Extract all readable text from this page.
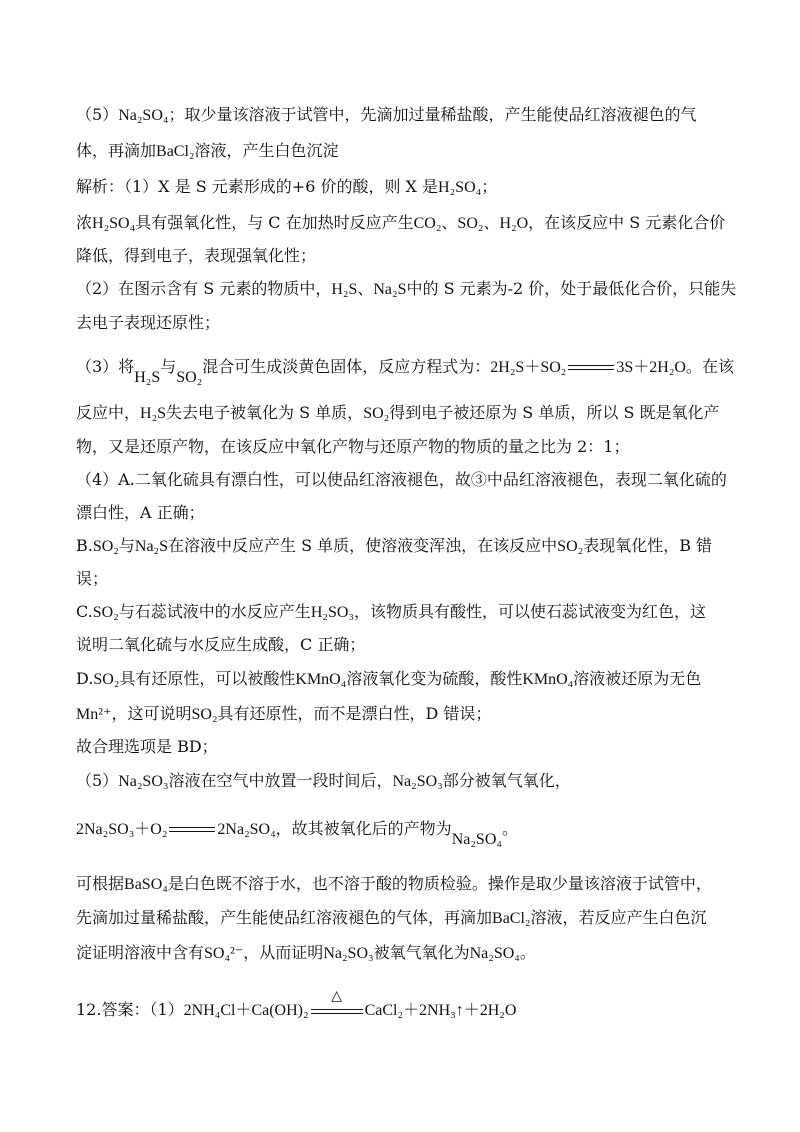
（5）Na₂SO₄；取少量该溶液于试管中，先滴加过量稀盐酸，产生能使品红溶液褪色的气
体，再滴加BaCl₂溶液，产生白色沉淀
解析：（1）X 是 S 元素形成的+6 价的酸，则 X 是H₂SO₄；
浓H₂SO₄具有强氧化性，与 C 在加热时反应产生CO₂、SO₂、H₂O，在该反应中 S 元素化合价
降低，得到电子，表现强氧化性；
（2）在图示含有 S 元素的物质中，H₂S、Na₂S中的 S 元素为-2 价，处于最低化合价，只能失
去电子表现还原性；
（3）将H₂S与SO₂混合可生成淡黄色固体，反应方程式为：2H₂S＋SO₂	3S＋2H₂O。在该
反应中，H₂S失去电子被氧化为 S 单质，SO₂得到电子被还原为 S 单质，所以 S 既是氧化产
物，又是还原产物，在该反应中氧化产物与还原产物的物质的量之比为 2：1；
（4）A.二氧化硫具有漂白性，可以使品红溶液褪色，故③中品红溶液褪色，表现二氧化硫的
漂白性，A 正确；
B.SO₂与Na₂S在溶液中反应产生 S 单质，使溶液变浑浊，在该反应中SO₂表现氧化性，B 错
误；
C.SO₂与石蕊试液中的水反应产生H₂SO₃，该物质具有酸性，可以使石蕊试液变为红色，这
说明二氧化硫与水反应生成酸，C 正确；
D.SO₂具有还原性，可以被酸性KMnO₄溶液氧化变为硫酸，酸性KMnO₄溶液被还原为无色
Mn²⁺，这可说明SO₂具有还原性，而不是漂白性，D 错误；
故合理选项是 BD；
（5）Na₂SO₃溶液在空气中放置一段时间后，Na₂SO₃部分被氧气氧化，
2Na₂SO₃＋O₂	2Na₂SO₄，故其被氧化后的产物为Na₂SO₄。
可根据BaSO₄是白色既不溶于水，也不溶于酸的物质检验。操作是取少量该溶液于试管中，
先滴加过量稀盐酸，产生能使品红溶液褪色的气体，再滴加BaCl₂溶液，若反应产生白色沉
淀证明溶液中含有SO₄²⁻，从而证明Na₂SO₃被氧气氧化为Na₂SO₄。
12.答案：（1）2NH₄Cl＋Ca(OH)₂
△
CaCl₂＋2NH₃↑＋2H₂O
